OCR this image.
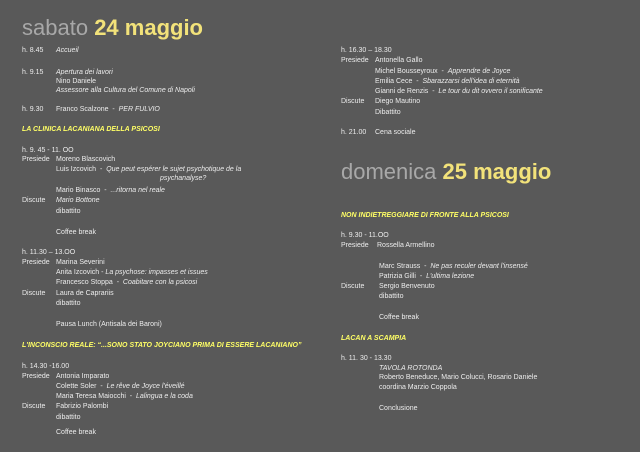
sabato 24 maggio
h. 8.45 Accueil
h. 9.15 Apertura dei lavori
Nino Daniele
Assessore alla Cultura del Comune di Napoli
h. 9.30 Franco Scalzone  -  PER FULVIO
LA CLINICA LACANIANA DELLA PSICOSI
h. 9. 45 - 11. OO
Presiede Moreno Blascovich
Luis Izcovich  -  Que peut espérer le sujet psychotique de la
psychanalyse?
Mario Binasco  -  ...ritorna nel reale
Discute Mario Bottone
dibattito
Coffee break
h. 11.30 – 13.OO
Presiede Marina Severini
Anita Izcovich - La psychose: impasses et issues
Francesco Stoppa  -  Coabitare con la psicosi
Discute Laura de Caprariis
dibattito
Pausa Lunch (Antisala dei Baroni)
L'INCONSCIO REALE: “...SONO STATO JOYCIANO PRIMA DI ESSERE LACANIANO”
h. 14.30 -16.00
Presiede Antonia Imparato
Colette Soler  -  Le rêve de Joyce l'éveillé
Maria Teresa Maiocchi  -  Lalingua e la coda
Discute Fabrizio Palombi
dibattito
Coffee break
h. 16.30 – 18.30
Presiede Antonella Gallo
Michel Bousseyroux  -  Apprendre de Joyce
Emilia Cece  -  Sbarazzarsi dell'idea di eternità
Gianni de Renzis  -  Le tour du dit ovvero il sonificante
Discute Diego Mautino
Dibattito
h. 21.00 Cena sociale
domenica 25 maggio
NON INDIETREGGIARE DI FRONTE ALLA PSICOSI
h. 9.30 - 11.OO
Presiede Rossella Armellino
Marc Strauss  -  Ne pas reculer devant l'insensé
Patrizia Gilli  -  L'ultima lezione
Discute Sergio Benvenuto
dibattito
Coffee break
LACAN A SCAMPIA
h. 11. 30 - 13.30
TAVOLA ROTONDA
Roberto Beneduce, Mario Colucci, Rosario Daniele
coordina Marzio Coppola
Conclusione
